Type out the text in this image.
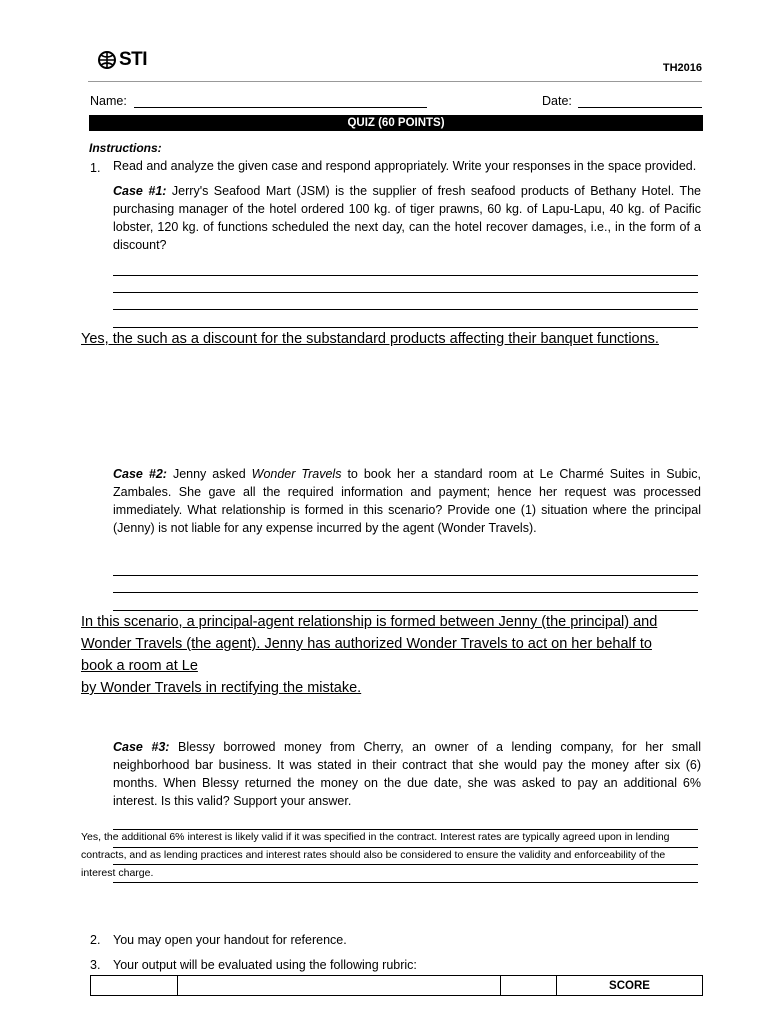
STI	TH2016
Name:	Date:
QUIZ (60 POINTS)
Instructions:
1. Read and analyze the given case and respond appropriately. Write your responses in the space provided.
Case #1: Jerry's Seafood Mart (JSM) is the supplier of fresh seafood products of Bethany Hotel. The purchasing manager of the hotel ordered 100 kg. of tiger prawns, 60 kg. of Lapu-Lapu, 40 kg. of Pacific lobster, 120 kg. of functions scheduled the next day, can the hotel recover damages, i.e., in the form of a discount?
Yes, the such as a discount for the substandard products affecting their banquet functions.
Case #2: Jenny asked Wonder Travels to book her a standard room at Le Charmé Suites in Subic, Zambales. She gave all the required information and payment; hence her request was processed immediately. What relationship is formed in this scenario? Provide one (1) situation where the principal (Jenny) is not liable for any expense incurred by the agent (Wonder Travels).
In this scenario, a principal-agent relationship is formed between Jenny (the principal) and
Wonder Travels (the agent). Jenny has authorized Wonder Travels to act on her behalf to
book a room at Le
by Wonder Travels in rectifying the mistake.
Case #3: Blessy borrowed money from Cherry, an owner of a lending company, for her small neighborhood bar business. It was stated in their contract that she would pay the money after six (6) months. When Blessy returned the money on the due date, she was asked to pay an additional 6% interest. Is this valid? Support your answer.
Yes, the additional 6% interest is likely valid if it was specified in the contract. Interest rates are typically agreed upon in lending
contracts, and as lending practices and interest rates should also be considered to ensure the validity and enforceability of the
interest charge.
2. You may open your handout for reference.
3. Your output will be evaluated using the following rubric:
			SCORE
